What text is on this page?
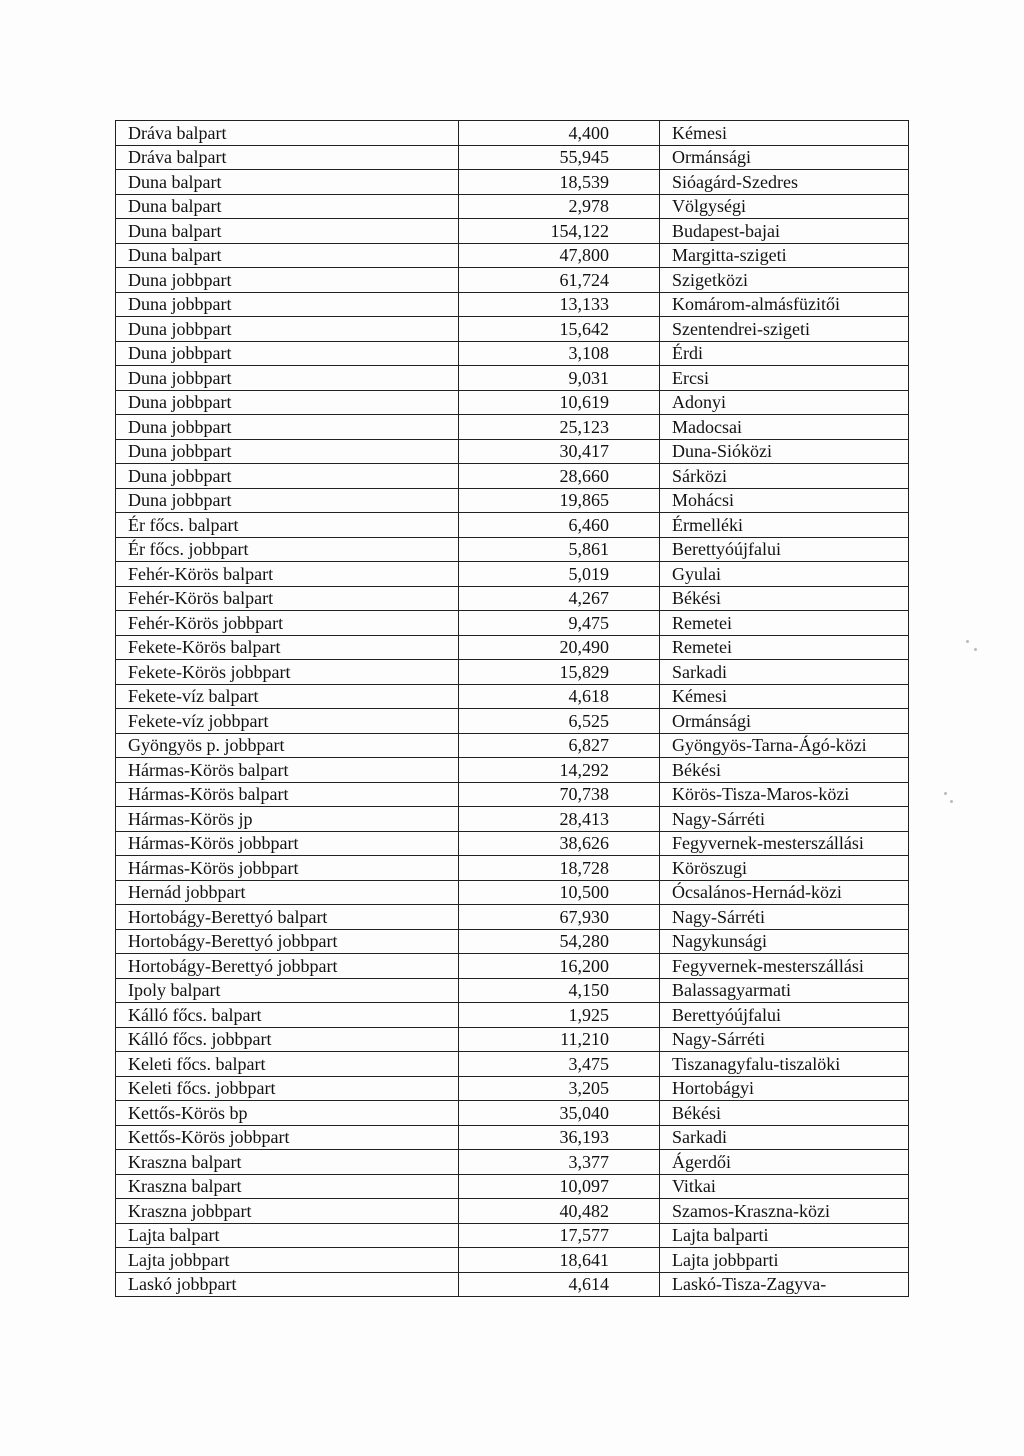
Dráva balpart	4,400	Kémesi
Dráva balpart	55,945	Ormánsági
Duna balpart	18,539	Sióagárd-Szedres
Duna balpart	2,978	Völgységi
Duna balpart	154,122	Budapest-bajai
Duna balpart	47,800	Margitta-szigeti
Duna jobbpart	61,724	Szigetközi
Duna jobbpart	13,133	Komárom-almásfüzitői
Duna jobbpart	15,642	Szentendrei-szigeti
Duna jobbpart	3,108	Érdi
Duna jobbpart	9,031	Ercsi
Duna jobbpart	10,619	Adonyi
Duna jobbpart	25,123	Madocsai
Duna jobbpart	30,417	Duna-Sióközi
Duna jobbpart	28,660	Sárközi
Duna jobbpart	19,865	Mohácsi
Ér főcs. balpart	6,460	Érmelléki
Ér főcs. jobbpart	5,861	Berettyóújfalui
Fehér-Körös balpart	5,019	Gyulai
Fehér-Körös balpart	4,267	Békési
Fehér-Körös jobbpart	9,475	Remetei
Fekete-Körös balpart	20,490	Remetei
Fekete-Körös jobbpart	15,829	Sarkadi
Fekete-víz balpart	4,618	Kémesi
Fekete-víz jobbpart	6,525	Ormánsági
Gyöngyös p. jobbpart	6,827	Gyöngyös-Tarna-Ágó-közi
Hármas-Körös balpart	14,292	Békési
Hármas-Körös balpart	70,738	Körös-Tisza-Maros-közi
Hármas-Körös jp	28,413	Nagy-Sárréti
Hármas-Körös jobbpart	38,626	Fegyvernek-mesterszállási
Hármas-Körös jobbpart	18,728	Köröszugi
Hernád jobbpart	10,500	Ócsalános-Hernád-közi
Hortobágy-Berettyó balpart	67,930	Nagy-Sárréti
Hortobágy-Berettyó jobbpart	54,280	Nagykunsági
Hortobágy-Berettyó jobbpart	16,200	Fegyvernek-mesterszállási
Ipoly balpart	4,150	Balassagyarmati
Kálló főcs. balpart	1,925	Berettyóújfalui
Kálló főcs. jobbpart	11,210	Nagy-Sárréti
Keleti főcs. balpart	3,475	Tiszanagyfalu-tiszalöki
Keleti főcs. jobbpart	3,205	Hortobágyi
Kettős-Körös bp	35,040	Békési
Kettős-Körös jobbpart	36,193	Sarkadi
Kraszna balpart	3,377	Ágerdői
Kraszna balpart	10,097	Vitkai
Kraszna jobbpart	40,482	Szamos-Kraszna-közi
Lajta balpart	17,577	Lajta balparti
Lajta jobbpart	18,641	Lajta jobbparti
Laskó jobbpart	4,614	Laskó-Tisza-Zagyva-
